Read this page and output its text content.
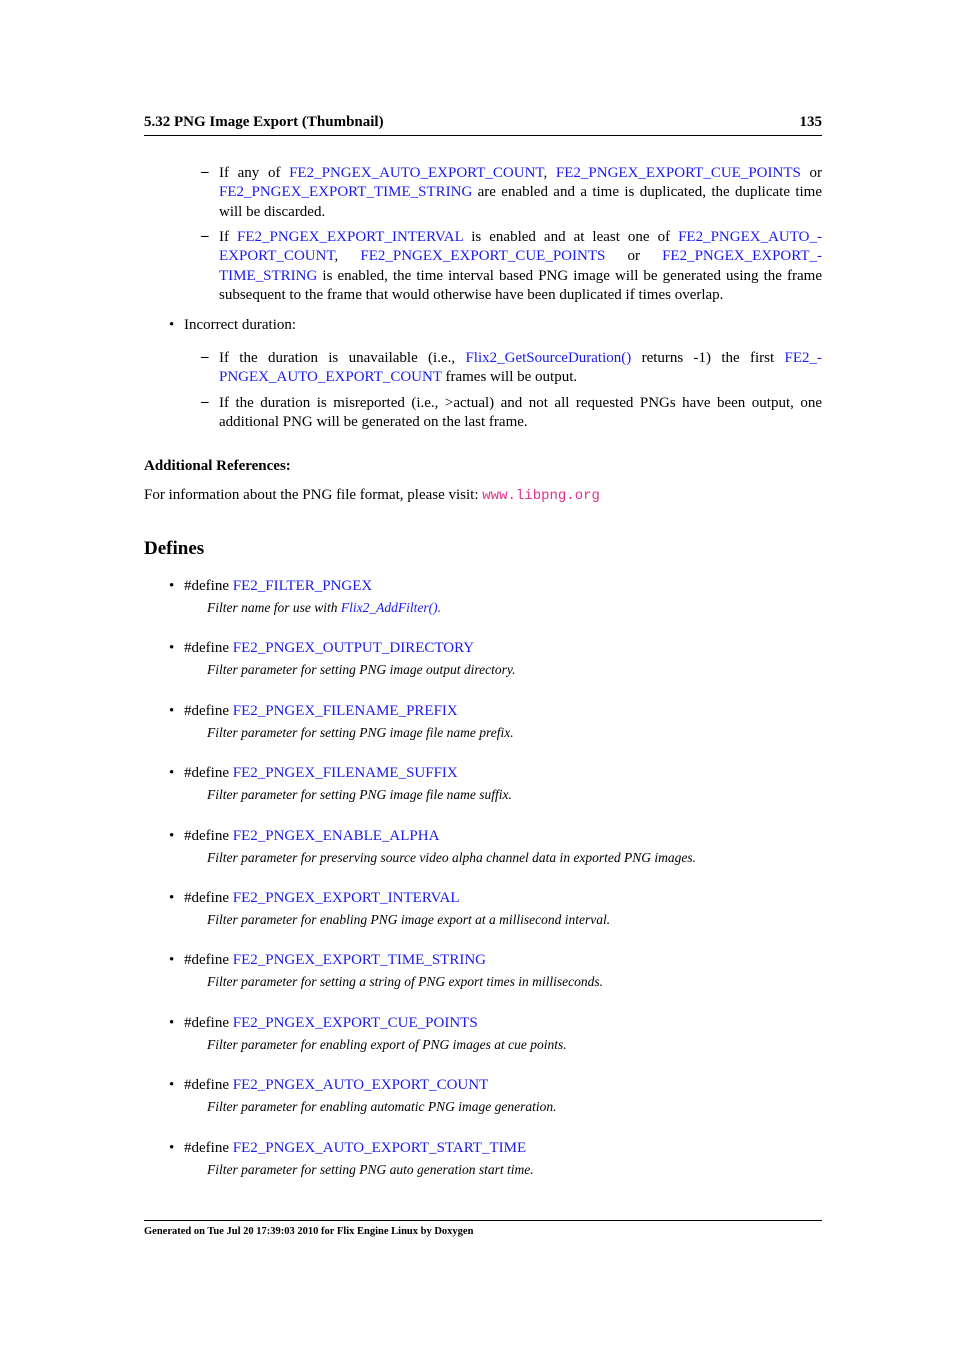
5.32 PNG Image Export (Thumbnail)	135
– If any of FE2_PNGEX_AUTO_EXPORT_COUNT, FE2_PNGEX_EXPORT_CUE_POINTS or FE2_PNGEX_EXPORT_TIME_STRING are enabled and a time is duplicated, the duplicate time will be discarded.
– If FE2_PNGEX_EXPORT_INTERVAL is enabled and at least one of FE2_PNGEX_AUTO_-EXPORT_COUNT, FE2_PNGEX_EXPORT_CUE_POINTS or FE2_PNGEX_EXPORT_-TIME_STRING is enabled, the time interval based PNG image will be generated using the frame subsequent to the frame that would otherwise have been duplicated if times overlap.
• Incorrect duration:
– If the duration is unavailable (i.e., Flix2_GetSourceDuration() returns -1) the first FE2_-PNGEX_AUTO_EXPORT_COUNT frames will be output.
– If the duration is misreported (i.e., >actual) and not all requested PNGs have been output, one additional PNG will be generated on the last frame.
Additional References:
For information about the PNG file format, please visit: www.libpng.org
Defines
• #define FE2_FILTER_PNGEX
Filter name for use with Flix2_AddFilter().
• #define FE2_PNGEX_OUTPUT_DIRECTORY
Filter parameter for setting PNG image output directory.
• #define FE2_PNGEX_FILENAME_PREFIX
Filter parameter for setting PNG image file name prefix.
• #define FE2_PNGEX_FILENAME_SUFFIX
Filter parameter for setting PNG image file name suffix.
• #define FE2_PNGEX_ENABLE_ALPHA
Filter parameter for preserving source video alpha channel data in exported PNG images.
• #define FE2_PNGEX_EXPORT_INTERVAL
Filter parameter for enabling PNG image export at a millisecond interval.
• #define FE2_PNGEX_EXPORT_TIME_STRING
Filter parameter for setting a string of PNG export times in milliseconds.
• #define FE2_PNGEX_EXPORT_CUE_POINTS
Filter parameter for enabling export of PNG images at cue points.
• #define FE2_PNGEX_AUTO_EXPORT_COUNT
Filter parameter for enabling automatic PNG image generation.
• #define FE2_PNGEX_AUTO_EXPORT_START_TIME
Filter parameter for setting PNG auto generation start time.
Generated on Tue Jul 20 17:39:03 2010 for Flix Engine Linux by Doxygen
